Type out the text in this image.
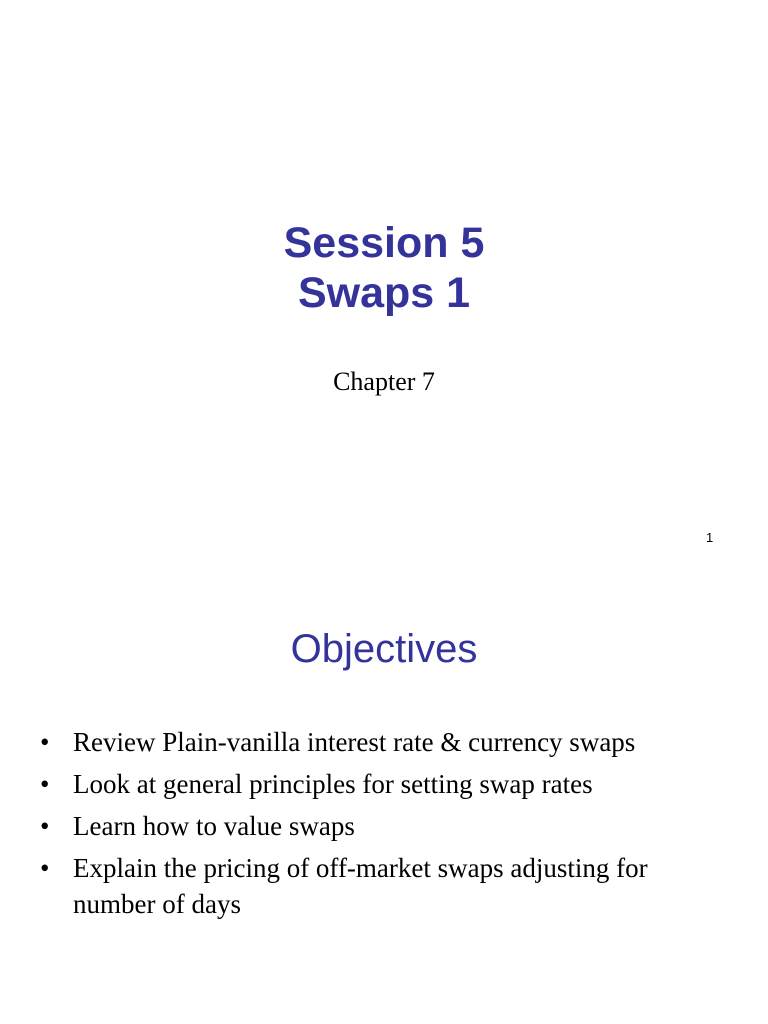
Session 5
Swaps 1
Chapter 7
1
Objectives
• Review Plain-vanilla interest rate & currency swaps
• Look at general principles for setting swap rates
• Learn how to value swaps
• Explain the pricing of off-market swaps adjusting for number of days
